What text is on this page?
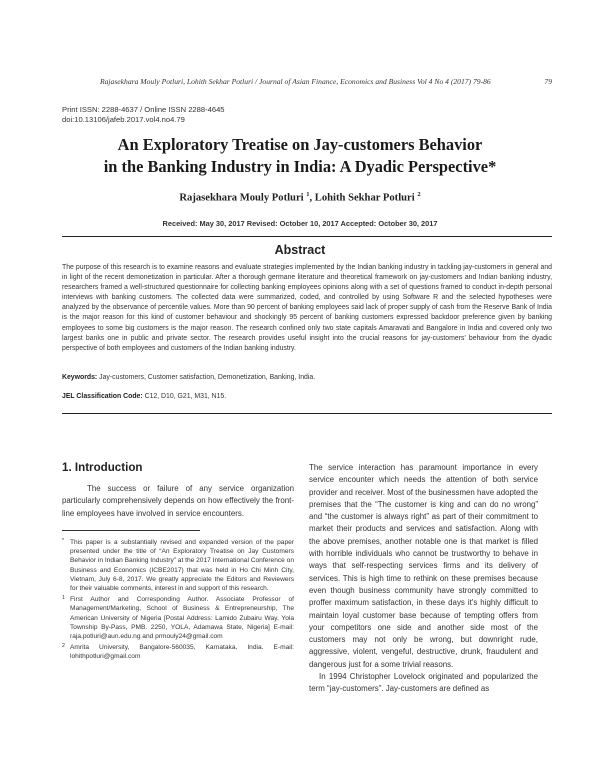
Rajasekhara Mouly Potluri, Lohith Sekhar Potluri / Journal of Asian Finance, Economics and Business Vol 4 No 4 (2017) 79-86	79
Print ISSN: 2288-4637 / Online ISSN 2288-4645
doi:10.13106/jafeb.2017.vol4.no4.79
An Exploratory Treatise on Jay-customers Behavior
in the Banking Industry in India: A Dyadic Perspective*
Rajasekhara Mouly Potluri $^1$, Lohith Sekhar Potluri $^2$
Received: May 30, 2017 Revised: October 10, 2017 Accepted: October 30, 2017
Abstract
The purpose of this research is to examine reasons and evaluate strategies implemented by the Indian banking industry in tackling jay-customers in general and in light of the recent demonetization in particular. After a thorough germane literature and theoretical framework on jay-customers and Indian banking industry, researchers framed a well-structured questionnaire for collecting banking employees opinions along with a set of questions framed to conduct in-depth personal interviews with banking customers. The collected data were summarized, coded, and controlled by using Software R and the selected hypotheses were analyzed by the observance of percentile values. More than 90 percent of banking employees said lack of proper supply of cash from the Reserve Bank of India is the major reason for this kind of customer behaviour and shockingly 95 percent of banking customers expressed backdoor preference given by banking employees to some big customers is the major reason. The research confined only two state capitals Amaravati and Bangalore in India and covered only two largest banks one in public and private sector. The research provides useful insight into the crucial reasons for jay-customers' behaviour from the dyadic perspective of both employees and customers of the Indian banking industry.
Keywords: Jay-customers, Customer satisfaction, Demonetization, Banking, India.
JEL Classification Code: C12, D10, G21, M31, N15.
1. Introduction
The success or failure of any service organization particularly comprehensively depends on how effectively the front-line employees have involved in service encounters.
* This paper is a substantially revised and expanded version of the paper presented under the title of “An Exploratory Treatise on Jay Customers Behavior in Indian Banking Industry” at the 2017 International Conference on Business and Economics (ICBE2017) that was held in Ho Chi Minh City, Vietnam, July 6-8, 2017. We greatly appreciate the Editors and Reviewers for their valuable comments, interest in and support of this research.
1 First Author and Corresponding Author. Associate Professor of Management/Marketing, School of Business & Entrepreneurship, The American University of Nigeria [Postal Address: Lamido Zubairu Way, Yola Township By-Pass, PMB. 2250, YOLA, Adamawa State, Nigeria] E-mail: raja.potluri@aun.edu.ng and prmouly24@gmail.com
2 Amrita University, Bangalore-560035, Karnataka, India. E-mail: lohithpotluri@gmail.com

The service interaction has paramount importance in every service encounter which needs the attention of both service provider and receiver. Most of the businessmen have adopted the premises that the “The customer is king and can do no wrong” and “the customer is always right” as part of their commitment to market their products and services and satisfaction. Along with the above premises, another notable one is that market is filled with horrible individuals who cannot be trustworthy to behave in ways that self-respecting services firms and its delivery of services. This is high time to rethink on these premises because even though business community have strongly committed to proffer maximum satisfaction, in these days it's highly difficult to maintain loyal customer base because of tempting offers from your competitors one side and another side most of the customers may not only be wrong, but downright rude, aggressive, violent, vengeful, destructive, drunk, fraudulent and dangerous just for a some trivial reasons.

In 1994 Christopher Lovelock originated and popularized the term “jay-customers”. Jay-customers are defined as
